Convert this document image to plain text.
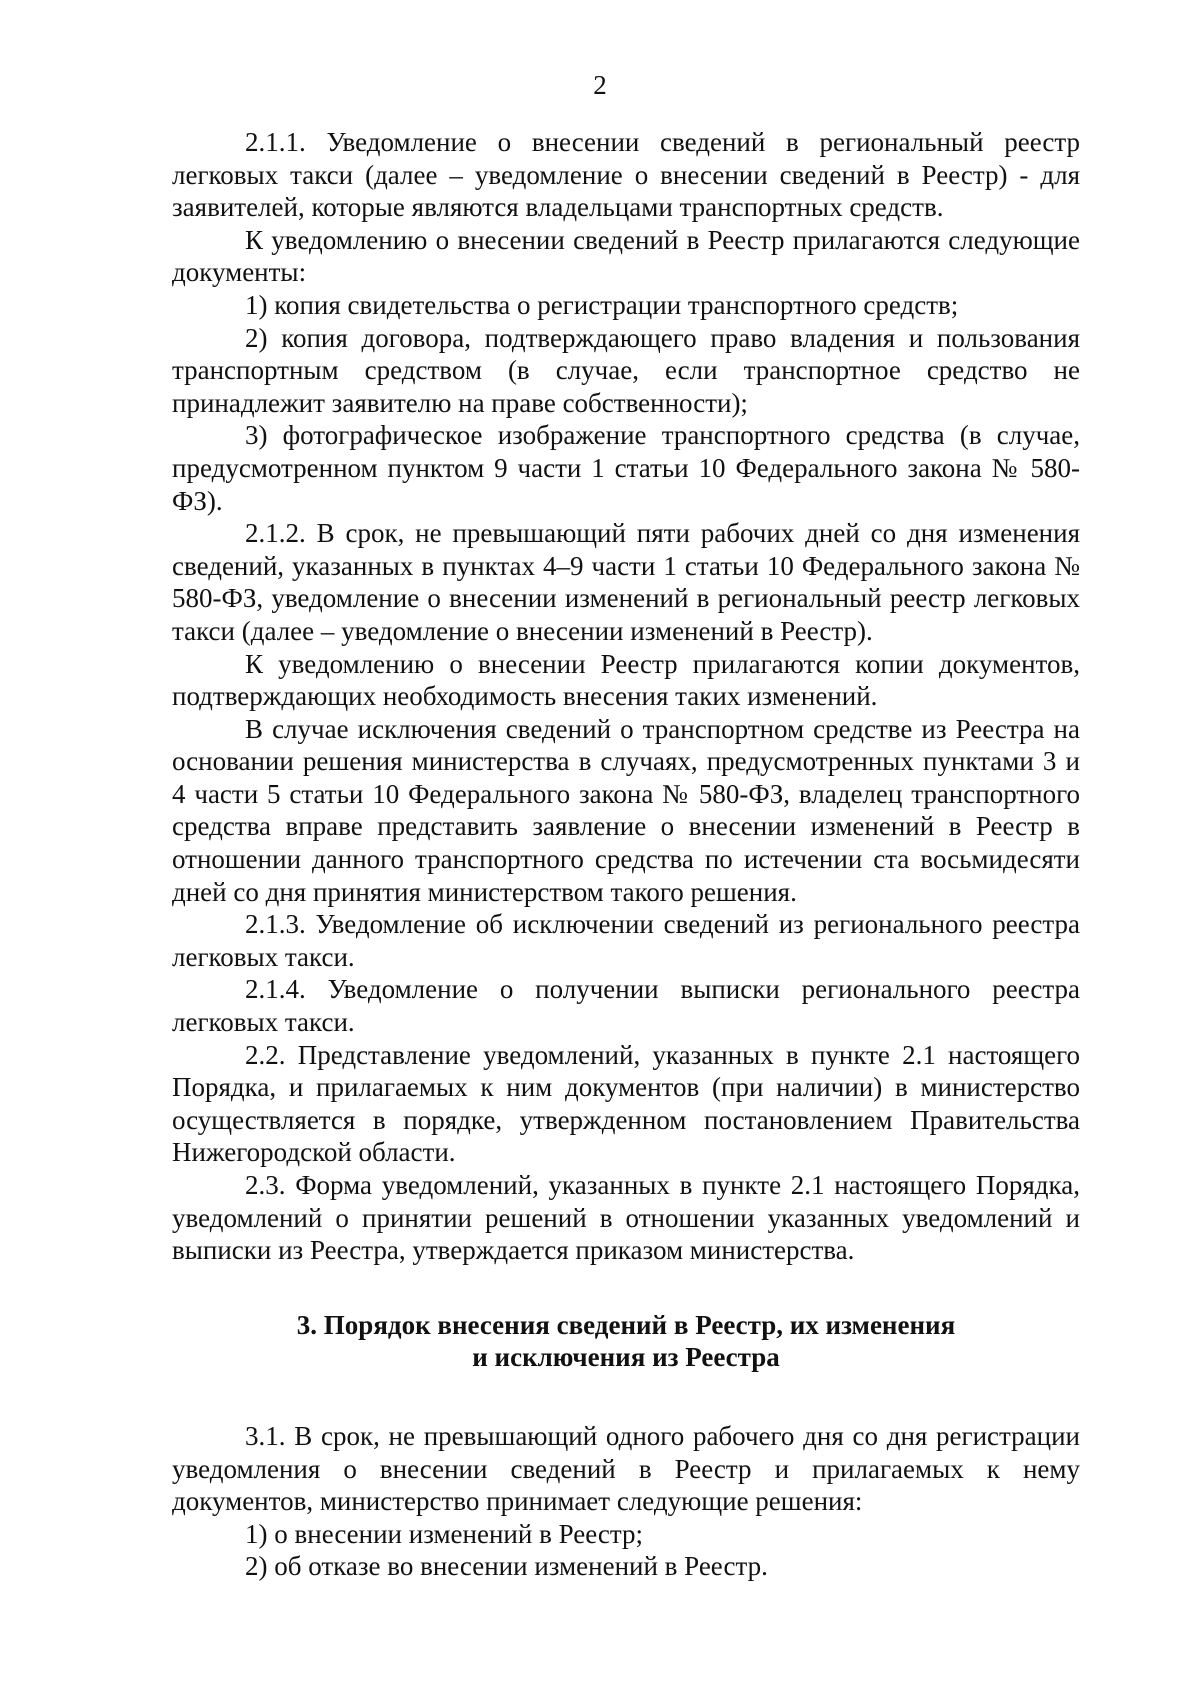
2

2.1.1. Уведомление о внесении сведений в региональный реестр легковых такси (далее – уведомление о внесении сведений в Реестр) - для заявителей, которые являются владельцами транспортных средств.

К уведомлению о внесении сведений в Реестр прилагаются следующие документы:

1) копия свидетельства о регистрации транспортного средств;

2) копия договора, подтверждающего право владения и пользования транспортным средством (в случае, если транспортное средство не принадлежит заявителю на праве собственности);

3) фотографическое изображение транспортного средства (в случае, предусмотренном пунктом 9 части 1 статьи 10 Федерального закона № 580-ФЗ).

2.1.2. В срок, не превышающий пяти рабочих дней со дня изменения сведений, указанных в пунктах 4–9 части 1 статьи 10 Федерального закона № 580-ФЗ, уведомление о внесении изменений в региональный реестр легковых такси (далее – уведомление о внесении изменений в Реестр).

К уведомлению о внесении Реестр прилагаются копии документов, подтверждающих необходимость внесения таких изменений.

В случае исключения сведений о транспортном средстве из Реестра на основании решения министерства в случаях, предусмотренных пунктами 3 и 4 части 5 статьи 10 Федерального закона № 580-ФЗ, владелец транспортного средства вправе представить заявление о внесении изменений в Реестр в отношении данного транспортного средства по истечении ста восьмидесяти дней со дня принятия министерством такого решения.

2.1.3. Уведомление об исключении сведений из регионального реестра легковых такси.

2.1.4. Уведомление о получении выписки регионального реестра легковых такси.

2.2. Представление уведомлений, указанных в пункте 2.1 настоящего Порядка, и прилагаемых к ним документов (при наличии) в министерство осуществляется в порядке, утвержденном постановлением Правительства Нижегородской области.

2.3. Форма уведомлений, указанных в пункте 2.1 настоящего Порядка, уведомлений о принятии решений в отношении указанных уведомлений и выписки из Реестра, утверждается приказом министерства.

3. Порядок внесения сведений в Реестр, их изменения
и исключения из Реестра

3.1. В срок, не превышающий одного рабочего дня со дня регистрации уведомления о внесении сведений в Реестр и прилагаемых к нему документов, министерство принимает следующие решения:

1) о внесении изменений в Реестр;

2) об отказе во внесении изменений в Реестр.
